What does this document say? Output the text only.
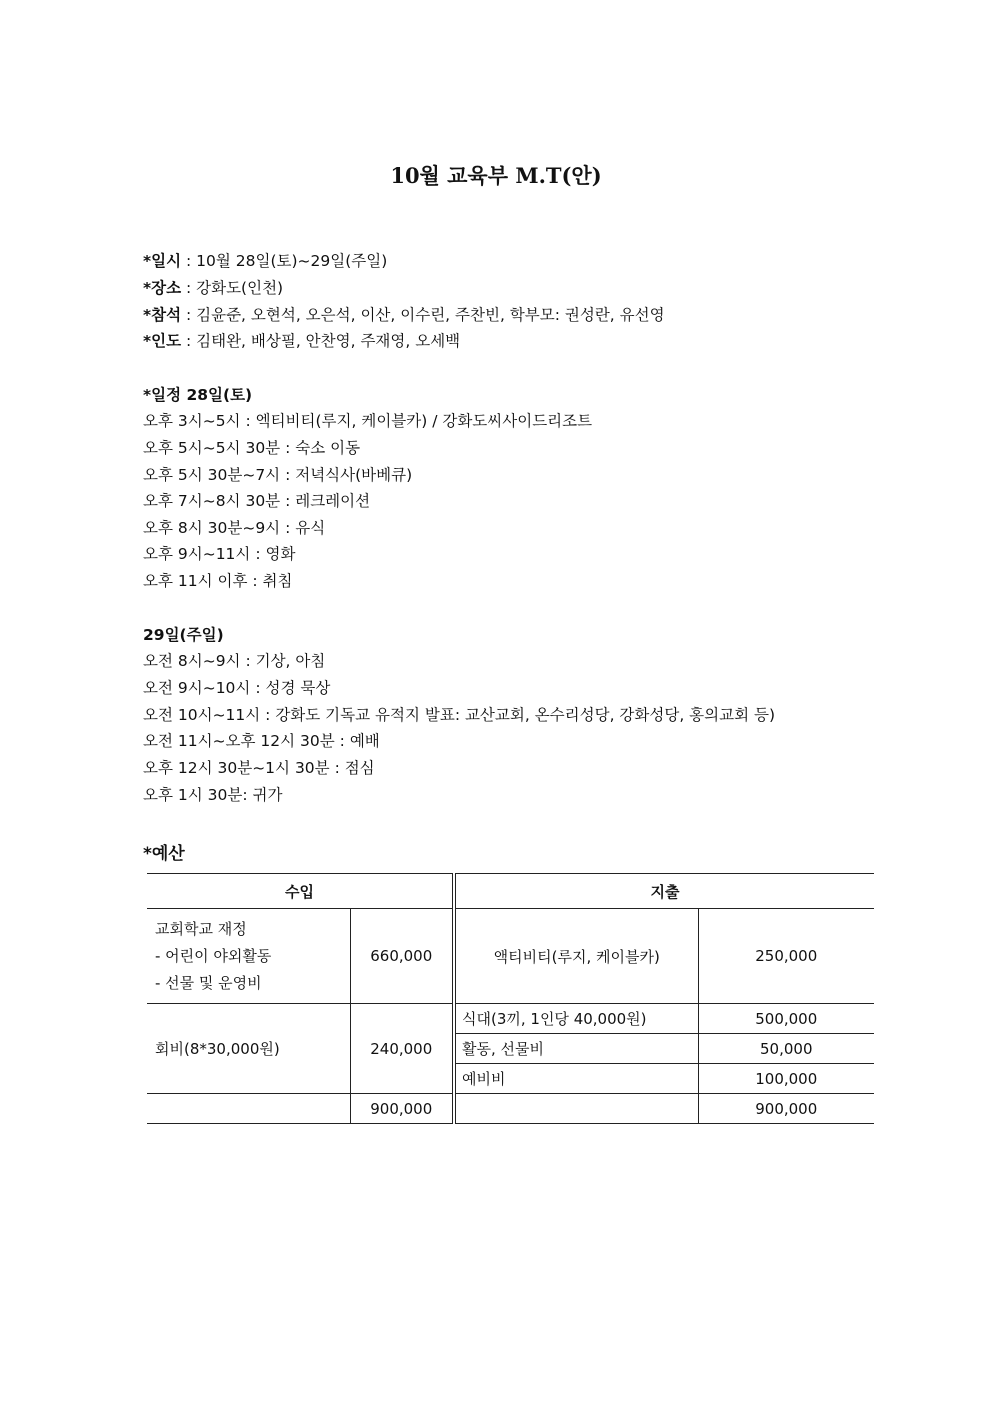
10월 교육부 M.T(안)
*일시 : 10월 28일(토)~29일(주일)
*장소 : 강화도(인천)
*참석 : 김윤준, 오현석, 오은석, 이산, 이수린, 주찬빈, 학부모: 권성란, 유선영
*인도 : 김태완, 배상필, 안찬영, 주재영, 오세백
*일정 28일(토)
오후 3시~5시 : 엑티비티(루지, 케이블카) / 강화도씨사이드리조트
오후 5시~5시 30분 : 숙소 이동
오후 5시 30분~7시 : 저녁식사(바베큐)
오후 7시~8시 30분 : 레크레이션
오후 8시 30분~9시 : 유식
오후 9시~11시 : 영화
오후 11시 이후 : 취침
29일(주일)
오전 8시~9시 : 기상, 아침
오전 9시~10시 : 성경 묵상
오전 10시~11시 : 강화도 기독교 유적지 발표: 교산교회, 온수리성당, 강화성당, 홍의교회 등)
오전 11시~오후 12시 30분 : 예배
오후 12시 30분~1시 30분 : 점심
오후 1시 30분: 귀가
*예산
수입		지출	

교회학교 재정
- 어린이 야외활동
- 선물 및 운영비	660,000	액티비티(루지, 케이블카)	250,000
회비(8*30,000원)	240,000	식대(3끼, 1인당 40,000원)	500,000
		활동, 선물비	50,000
		예비비	100,000
	900,000		900,000
